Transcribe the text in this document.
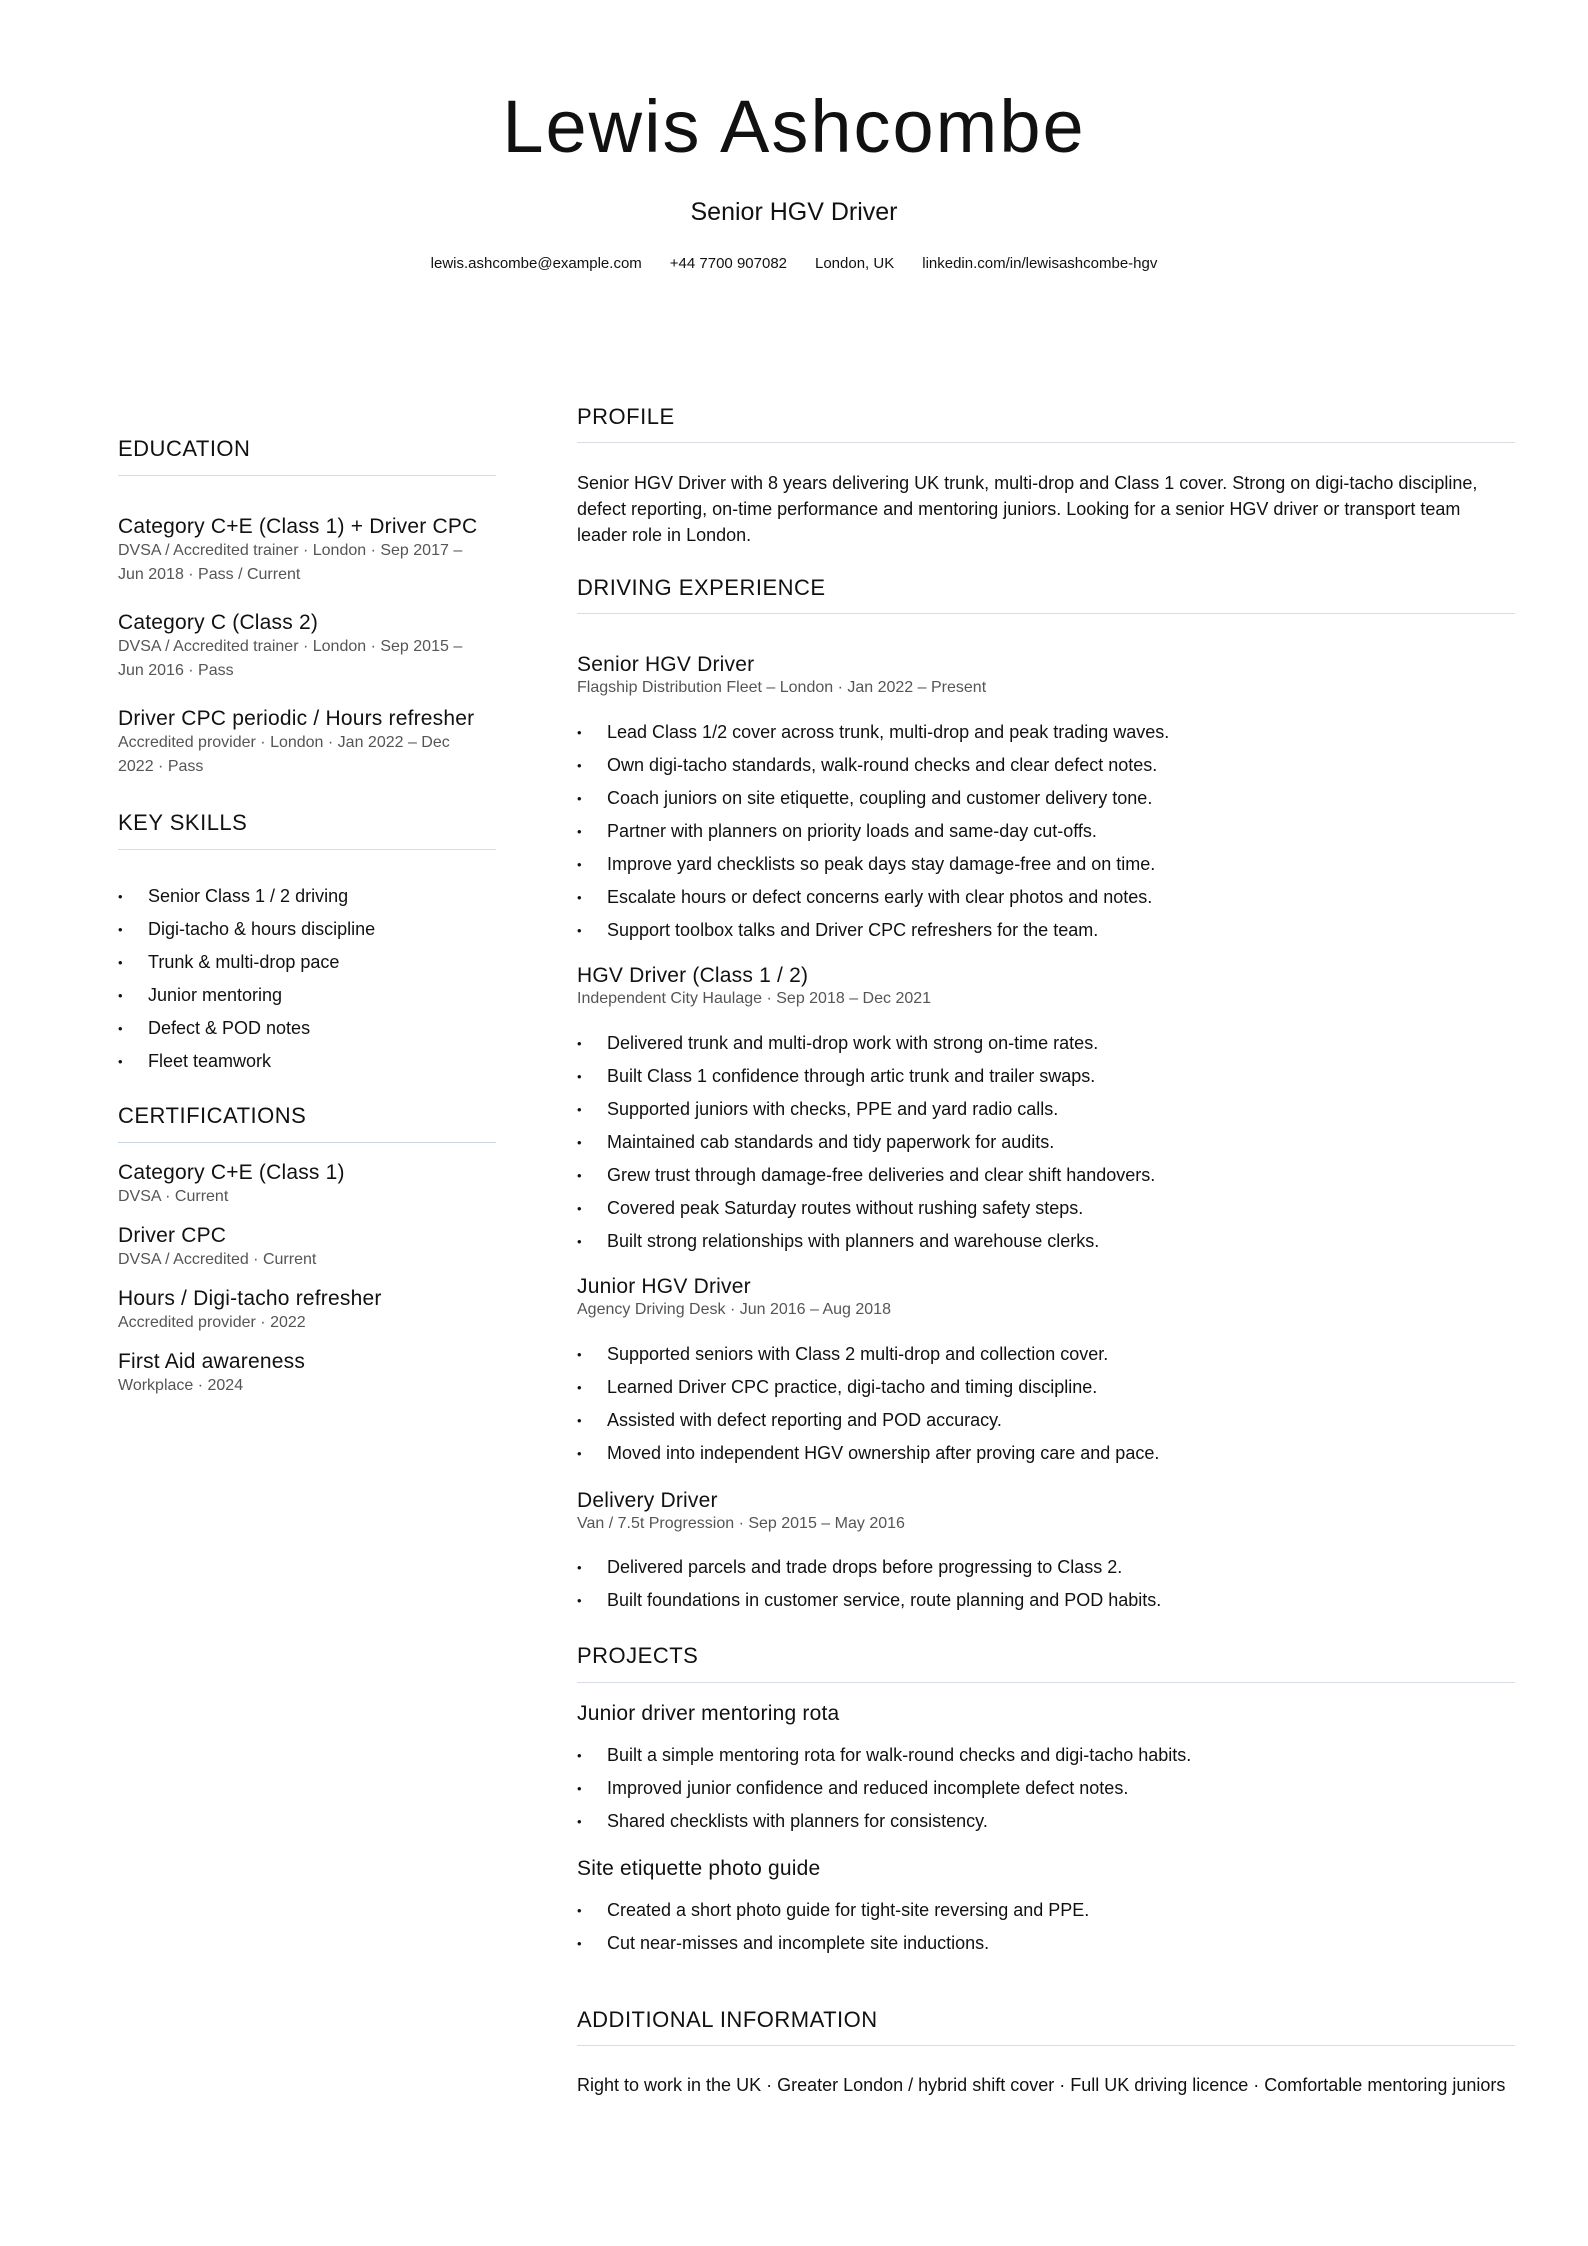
Lewis Ashcombe
Senior HGV Driver
lewis.ashcombe@example.com +44 7700 907082 London, UK linkedin.com/in/lewisashcombe-hgv
EDUCATION
Category C+E (Class 1) + Driver CPC
DVSA / Accredited trainer · London · Sep 2017 –
Jun 2018 · Pass / Current
Category C (Class 2)
DVSA / Accredited trainer · London · Sep 2015 –
Jun 2016 · Pass
Driver CPC periodic / Hours refresher
Accredited provider · London · Jan 2022 – Dec
2022 · Pass
KEY SKILLS
• Senior Class 1 / 2 driving
• Digi-tacho & hours discipline
• Trunk & multi-drop pace
• Junior mentoring
• Defect & POD notes
• Fleet teamwork
CERTIFICATIONS
Category C+E (Class 1)
DVSA · Current
Driver CPC
DVSA / Accredited · Current
Hours / Digi-tacho refresher
Accredited provider · 2022
First Aid awareness
Workplace · 2024
PROFILE
Senior HGV Driver with 8 years delivering UK trunk, multi-drop and Class 1 cover. Strong on digi-tacho discipline, defect reporting, on-time performance and mentoring juniors. Looking for a senior HGV driver or transport team leader role in London.
DRIVING EXPERIENCE
Senior HGV Driver
Flagship Distribution Fleet – London · Jan 2022 – Present
• Lead Class 1/2 cover across trunk, multi-drop and peak trading waves.
• Own digi-tacho standards, walk-round checks and clear defect notes.
• Coach juniors on site etiquette, coupling and customer delivery tone.
• Partner with planners on priority loads and same-day cut-offs.
• Improve yard checklists so peak days stay damage-free and on time.
• Escalate hours or defect concerns early with clear photos and notes.
• Support toolbox talks and Driver CPC refreshers for the team.
HGV Driver (Class 1 / 2)
Independent City Haulage · Sep 2018 – Dec 2021
• Delivered trunk and multi-drop work with strong on-time rates.
• Built Class 1 confidence through artic trunk and trailer swaps.
• Supported juniors with checks, PPE and yard radio calls.
• Maintained cab standards and tidy paperwork for audits.
• Grew trust through damage-free deliveries and clear shift handovers.
• Covered peak Saturday routes without rushing safety steps.
• Built strong relationships with planners and warehouse clerks.
Junior HGV Driver
Agency Driving Desk · Jun 2016 – Aug 2018
• Supported seniors with Class 2 multi-drop and collection cover.
• Learned Driver CPC practice, digi-tacho and timing discipline.
• Assisted with defect reporting and POD accuracy.
• Moved into independent HGV ownership after proving care and pace.
Delivery Driver
Van / 7.5t Progression · Sep 2015 – May 2016
• Delivered parcels and trade drops before progressing to Class 2.
• Built foundations in customer service, route planning and POD habits.
PROJECTS
Junior driver mentoring rota
• Built a simple mentoring rota for walk-round checks and digi-tacho habits.
• Improved junior confidence and reduced incomplete defect notes.
• Shared checklists with planners for consistency.
Site etiquette photo guide
• Created a short photo guide for tight-site reversing and PPE.
• Cut near-misses and incomplete site inductions.
ADDITIONAL INFORMATION
Right to work in the UK · Greater London / hybrid shift cover · Full UK driving licence · Comfortable mentoring juniors
